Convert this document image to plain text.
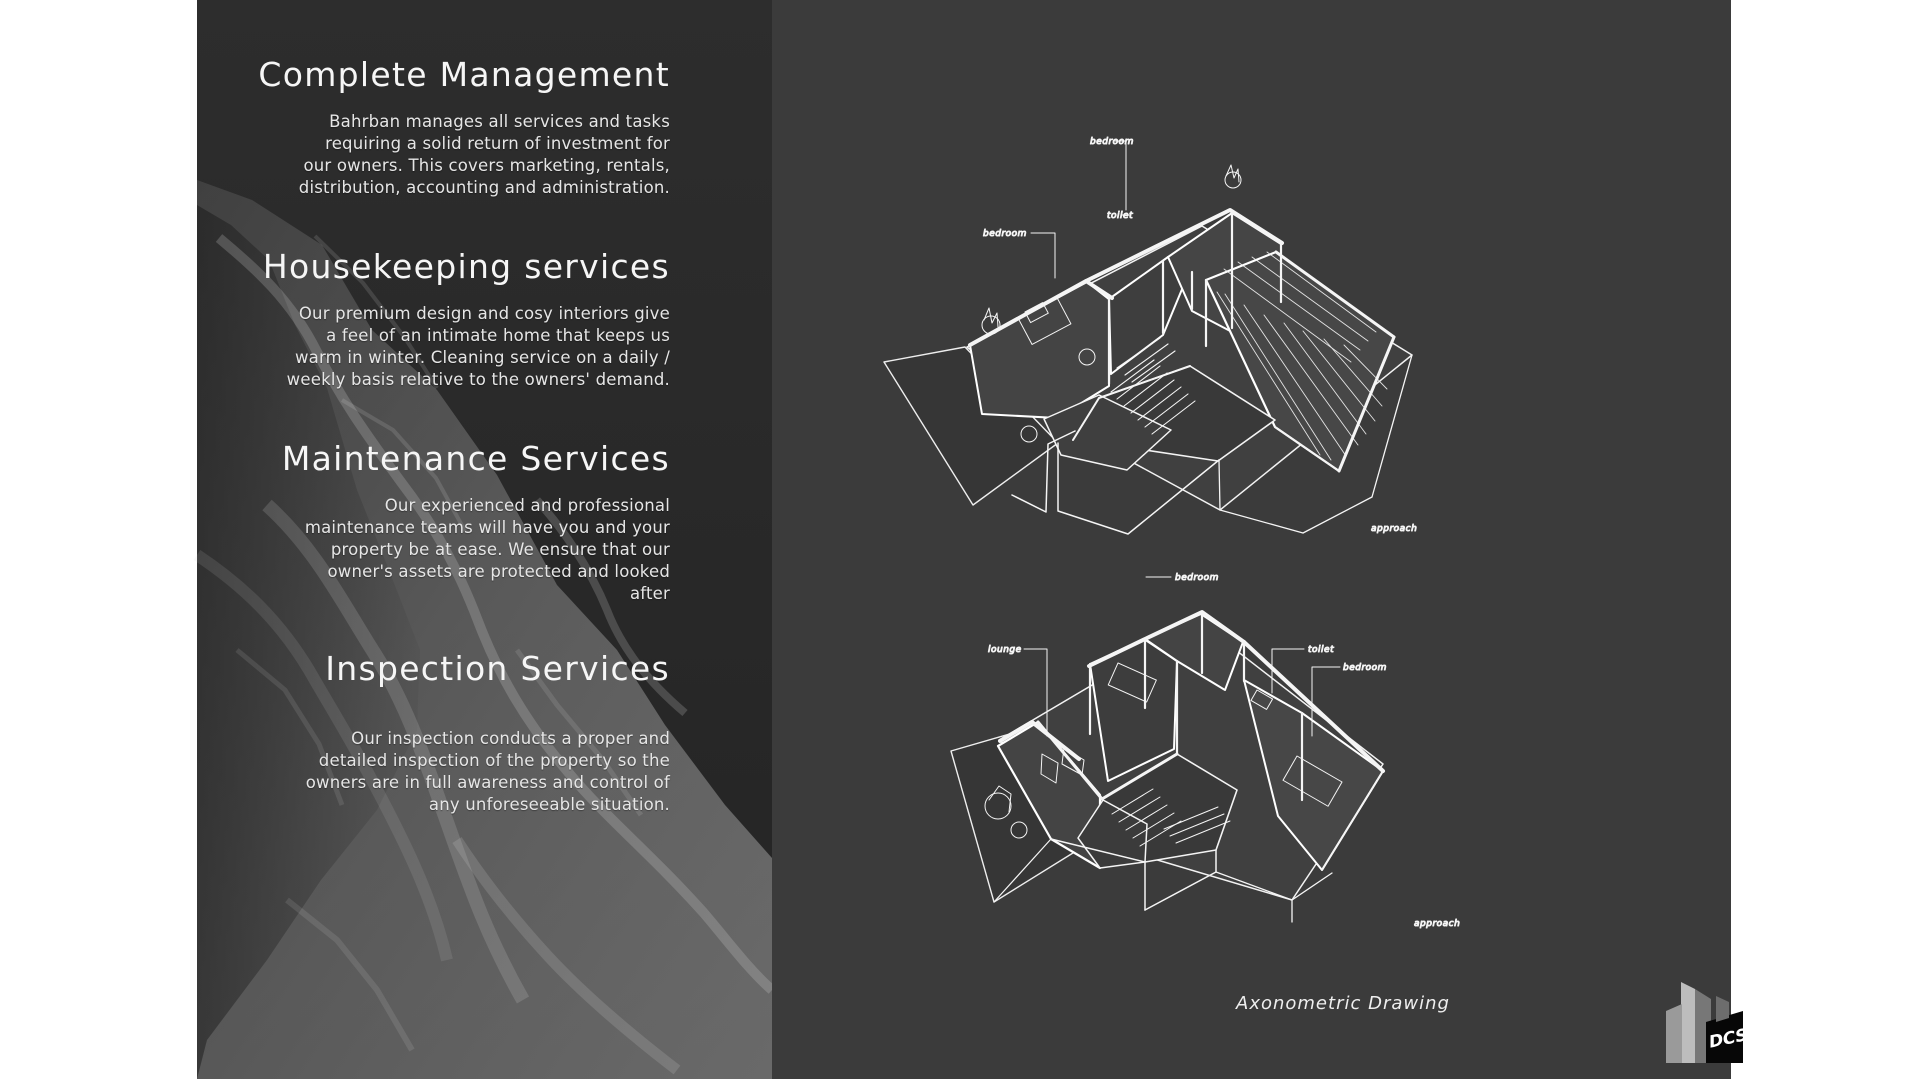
Complete Management
Bahrban manages all services and tasks
requiring a solid return of investment for
our owners. This covers marketing, rentals,
distribution, accounting and administration.
Housekeeping services
Our premium design and cosy interiors give
a feel of an intimate home that keeps us
warm in winter. Cleaning service on a daily /
weekly basis relative to the owners' demand.
Maintenance Services
Our experienced and professional
maintenance teams will have you and your
property be at ease. We ensure that our
owner's assets are protected and looked
after
Inspection Services
Our inspection conducts a proper and
detailed inspection of the property so the
owners are in full awareness and control of
any unforeseeable situation.
bedroom
toilet
bedroom
approach
bedroom
lounge	toilet
bedroom
approach
Axonometric Drawing
DCS
